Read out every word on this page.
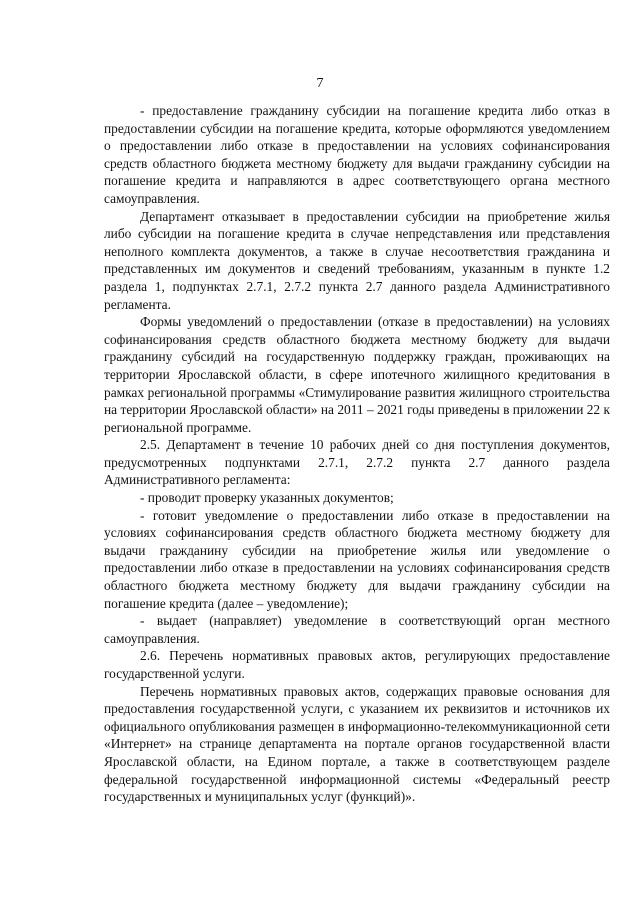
7

- предоставление гражданину субсидии на погашение кредита либо отказ в предоставлении субсидии на погашение кредита, которые оформляются уведомлением о предоставлении либо отказе в предоставлении на условиях софинансирования средств областного бюджета местному бюджету для выдачи гражданину субсидии на погашение кредита и направляются в адрес соответствующего органа местного самоуправления.

Департамент отказывает в предоставлении субсидии на приобретение жилья либо субсидии на погашение кредита в случае непредставления или представления неполного комплекта документов, а также в случае несоответствия гражданина и представленных им документов и сведений требованиям, указанным в пункте 1.2 раздела 1, подпунктах 2.7.1, 2.7.2 пункта 2.7 данного раздела Административного регламента.

Формы уведомлений о предоставлении (отказе в предоставлении) на условиях софинансирования средств областного бюджета местному бюджету для выдачи гражданину субсидий на государственную поддержку граждан, проживающих на территории Ярославской области, в сфере ипотечного жилищного кредитования в рамках региональной программы «Стимулирование развития жилищного строительства на территории Ярославской области» на 2011 – 2021 годы приведены в приложении 22 к региональной программе.

2.5. Департамент в течение 10 рабочих дней со дня поступления документов, предусмотренных подпунктами 2.7.1, 2.7.2 пункта 2.7 данного раздела Административного регламента:

- проводит проверку указанных документов;

- готовит уведомление о предоставлении либо отказе в предоставлении на условиях софинансирования средств областного бюджета местному бюджету для выдачи гражданину субсидии на приобретение жилья или уведомление о предоставлении либо отказе в предоставлении на условиях софинансирования средств областного бюджета местному бюджету для выдачи гражданину субсидии на погашение кредита (далее – уведомление);

- выдает (направляет) уведомление в соответствующий орган местного самоуправления.

2.6. Перечень нормативных правовых актов, регулирующих предоставление государственной услуги.

Перечень нормативных правовых актов, содержащих правовые основания для предоставления государственной услуги, с указанием их реквизитов и источников их официального опубликования размещен в информационно-телекоммуникационной сети «Интернет» на странице департамента на портале органов государственной власти Ярославской области, на Едином портале, а также в соответствующем разделе федеральной государственной информационной системы «Федеральный реестр государственных и муниципальных услуг (функций)».
